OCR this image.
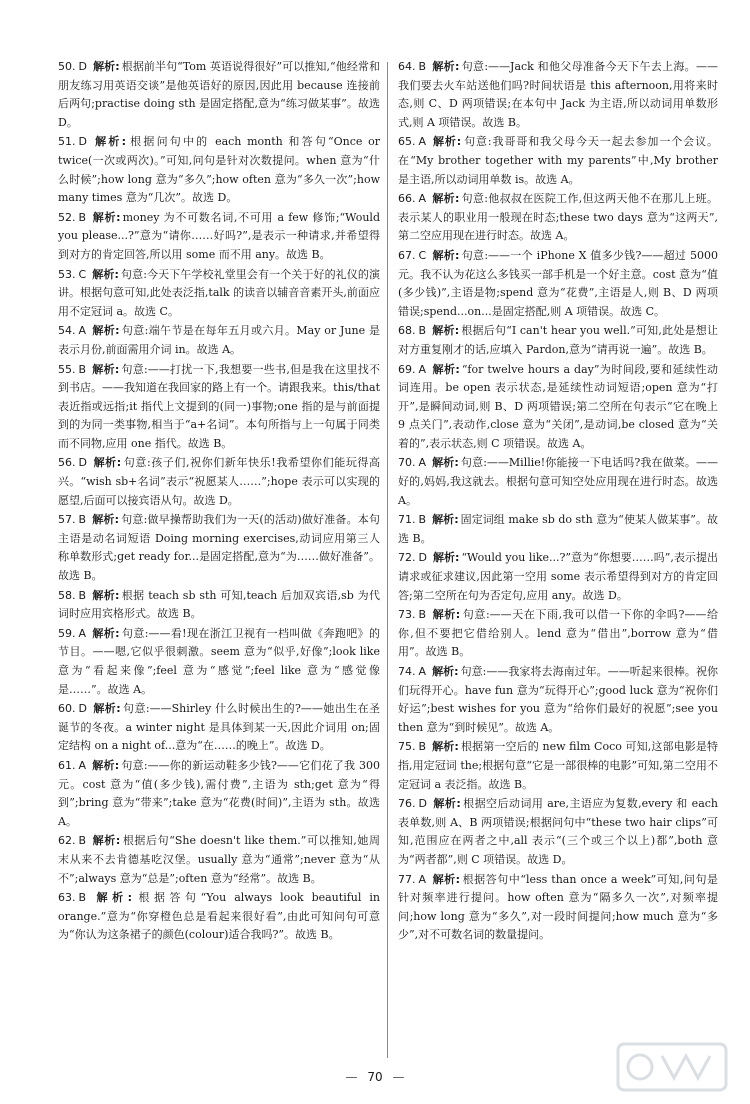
50. D 解析: 根据前半句“Tom 英语说得很好”可以推知,“他经常和朋友练习用英语交谈”是他英语好的原因,因此用 because 连接前后两句;practise doing sth 是固定搭配,意为“练习做某事”。故选 D。
51. D 解析: 根据问句中的 each month 和答句“Once or twice(一次或两次)。”可知,问句是针对次数提问。when 意为“什么时候”;how long 意为“多久”;how often 意为“多久一次”;how many times 意为“几次”。故选 D。
52. B 解析: money 为不可数名词,不可用 a few 修饰;“Would you please...?”意为“请你……好吗?”,是表示一种请求,并希望得到对方的肯定回答,所以用 some 而不用 any。故选 B。
53. C 解析: 句意:今天下午学校礼堂里会有一个关于好的礼仪的演讲。根据句意可知,此处表泛指,talk 的读音以辅音音素开头,前面应用不定冠词 a。故选 C。
54. A 解析: 句意:端午节是在每年五月或六月。May or June 是表示月份,前面需用介词 in。故选 A。
55. B 解析: 句意:——打扰一下,我想要一些书,但是我在这里找不到书店。——我知道在我回家的路上有一个。请跟我来。this/that 表近指或远指;it 指代上文提到的(同一)事物;one 指的是与前面提到的为同一类事物,相当于“a+名词”。本句所指与上一句属于同类而不同物,应用 one 指代。故选 B。
56. D 解析: 句意:孩子们,祝你们新年快乐!我希望你们能玩得高兴。“wish sb+名词”表示“祝愿某人……”;hope 表示可以实现的愿望,后面可以接宾语从句。故选 D。
57. B 解析: 句意:做早操帮助我们为一天(的活动)做好准备。本句主语是动名词短语 Doing morning exercises,动词应用第三人称单数形式;get ready for...是固定搭配,意为“为……做好准备”。故选 B。
58. B 解析: 根据 teach sb sth 可知,teach 后加双宾语,sb 为代词时应用宾格形式。故选 B。
59. A 解析: 句意:——看!现在浙江卫视有一档叫做《奔跑吧》的节目。——嗯,它似乎很刺激。seem 意为“似乎,好像”;look like 意为“看起来像”;feel 意为“感觉”;feel like 意为“感觉像是……”。故选 A。
60. D 解析: 句意:——Shirley 什么时候出生的?——她出生在圣诞节的冬夜。a winter night 是具体到某一天,因此介词用 on;固定结构 on a night of...意为“在……的晚上”。故选 D。
61. A 解析: 句意:——你的新运动鞋多少钱?——它们花了我 300 元。cost 意为“值(多少钱),需付费”,主语为 sth;get 意为“得到”;bring 意为“带来”;take 意为“花费(时间)”,主语为 sth。故选 A。
62. B 解析: 根据后句“She doesn't like them.”可以推知,她周末从来不去肯德基吃汉堡。usually 意为“通常”;never 意为“从不”;always 意为“总是”;often 意为“经常”。故选 B。
63. B 解析: 根据答句“You always look beautiful in orange.”意为“你穿橙色总是看起来很好看”,由此可知问句可意为“你认为这条裙子的颜色(colour)适合我吗?”。故选 B。
64. B 解析: 句意:——Jack 和他父母准备今天下午去上海。——我们要去火车站送他们吗?时间状语是 this afternoon,用将来时态,则 C、D 两项错误;在本句中 Jack 为主语,所以动词用单数形式,则 A 项错误。故选 B。
65. A 解析: 句意:我哥哥和我父母今天一起去参加一个会议。在“My brother together with my parents”中,My brother 是主语,所以动词用单数 is。故选 A。
66. A 解析: 句意:他叔叔在医院工作,但这两天他不在那儿上班。表示某人的职业用一般现在时态;these two days 意为“这两天”,第二空应用现在进行时态。故选 A。
67. C 解析: 句意:——一个 iPhone X 值多少钱?——超过 5000 元。我不认为花这么多钱买一部手机是一个好主意。cost 意为“值(多少钱)”,主语是物;spend 意为“花费”,主语是人,则 B、D 两项错误;spend...on...是固定搭配,则 A 项错误。故选 C。
68. B 解析: 根据后句“I can't hear you well.”可知,此处是想让对方重复刚才的话,应填入 Pardon,意为“请再说一遍”。故选 B。
69. A 解析: “for twelve hours a day”为时间段,要和延续性动词连用。be open 表示状态,是延续性动词短语;open 意为“打开”,是瞬间动词,则 B、D 两项错误;第二空所在句表示“它在晚上 9 点关门”,表动作,close 意为“关闭”,是动词,be closed 意为“关着的”,表示状态,则 C 项错误。故选 A。
70. A 解析: 句意:——Millie!你能接一下电话吗?我在做菜。——好的,妈妈,我这就去。根据句意可知空处应用现在进行时态。故选 A。
71. B 解析: 固定词组 make sb do sth 意为“使某人做某事”。故选 B。
72. D 解析: “Would you like...?”意为“你想要……吗”,表示提出请求或征求建议,因此第一空用 some 表示希望得到对方的肯定回答;第二空所在句为否定句,应用 any。故选 D。
73. B 解析: 句意:——天在下雨,我可以借一下你的伞吗?——给你,但不要把它借给别人。lend 意为“借出”,borrow 意为“借用”。故选 B。
74. A 解析: 句意:——我家将去海南过年。——听起来很棒。祝你们玩得开心。have fun 意为“玩得开心”;good luck 意为“祝你们好运”;best wishes for you 意为“给你们最好的祝愿”;see you then 意为“到时候见”。故选 A。
75. B 解析: 根据第一空后的 new film Coco 可知,这部电影是特指,用定冠词 the;根据句意“它是一部很棒的电影”可知,第二空用不定冠词 a 表泛指。故选 B。
76. D 解析: 根据空后动词用 are,主语应为复数,every 和 each 表单数,则 A、B 两项错误;根据问句中“these two hair clips”可知,范围应在两者之中,all 表示“(三个或三个以上)都”,both 意为“两者都”,则 C 项错误。故选 D。
77. A 解析: 根据答句中“less than once a week”可知,问句是针对频率进行提问。how often 意为“隔多久一次”,对频率提问;how long 意为“多久”,对一段时间提问;how much 意为“多少”,对不可数名词的数量提问。
— 70 —
